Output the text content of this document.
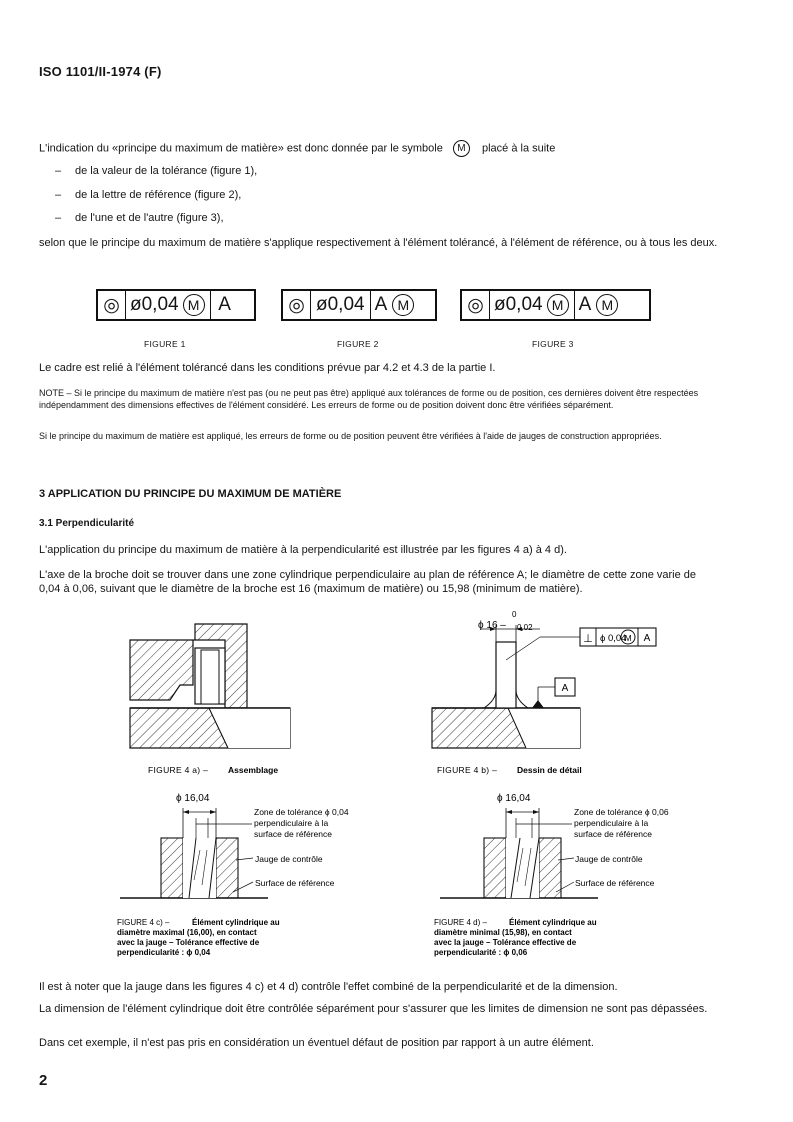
ISO 1101/II-1974 (F)
L'indication du «principe du maximum de matière» est donc donnée par le symbole M placé à la suite
– de la valeur de la tolérance (figure 1),
– de la lettre de référence (figure 2),
– de l'une et de l'autre (figure 3),
selon que le principe du maximum de matière s'applique respectivement à l'élément tolérancé, à l'élément de référence, ou à tous les deux.
◎ ø0,04 M A	◎ ø0,04 A M	◎ ø0,04 M A M
FIGURE 1	FIGURE 2	FIGURE 3
Le cadre est relié à l'élément tolérancé dans les conditions prévue par 4.2 et 4.3 de la partie I.
NOTE – Si le principe du maximum de matière n'est pas (ou ne peut pas être) appliqué aux tolérances de forme ou de position, ces dernières doivent être respectées indépendamment des dimensions effectives de l'élément considéré. Les erreurs de forme ou de position doivent donc être vérifiées séparément.
Si le principe du maximum de matière est appliqué, les erreurs de forme ou de position peuvent être vérifiées à l'aide de jauges de construction appropriées.
3 APPLICATION DU PRINCIPE DU MAXIMUM DE MATIÈRE
3.1 Perpendicularité
L'application du principe du maximum de matière à la perpendicularité est illustrée par les figures 4 a) à 4 d).
L'axe de la broche doit se trouver dans une zone cylindrique perpendiculaire au plan de référence A; le diamètre de cette zone varie de 0,04 à 0,06, suivant que le diamètre de la broche est 16 (maximum de matière) ou 15,98 (minimum de matière).
FIGURE 4 a) – Assemblage
ϕ 16 –
0
0,02
⊥ ϕ 0,04
M A
A
FIGURE 4 b) – Dessin de détail
ϕ 16,04
Zone de tolérance ϕ 0,04
perpendiculaire à la
surface de référence
Jauge de contrôle
Surface de référence
FIGURE 4 c) –	Élément cylindrique au
diamètre maximal (16,00), en contact
avec la jauge – Tolérance effective de
perpendicularité : ϕ 0,04
ϕ 16,04
Zone de tolérance ϕ 0,06
perpendiculaire à la
surface de référence
Jauge de contrôle
Surface de référence
FIGURE 4 d) –	Élément cylindrique au
diamètre minimal (15,98), en contact
avec la jauge – Tolérance effective de
perpendicularité : ϕ 0,06
Il est à noter que la jauge dans les figures 4 c) et 4 d) contrôle l'effet combiné de la perpendicularité et de la dimension.
La dimension de l'élément cylindrique doit être contrôlée séparément pour s'assurer que les limites de dimension ne sont pas dépassées.
Dans cet exemple, il n'est pas pris en considération un éventuel défaut de position par rapport à un autre élément.
2
